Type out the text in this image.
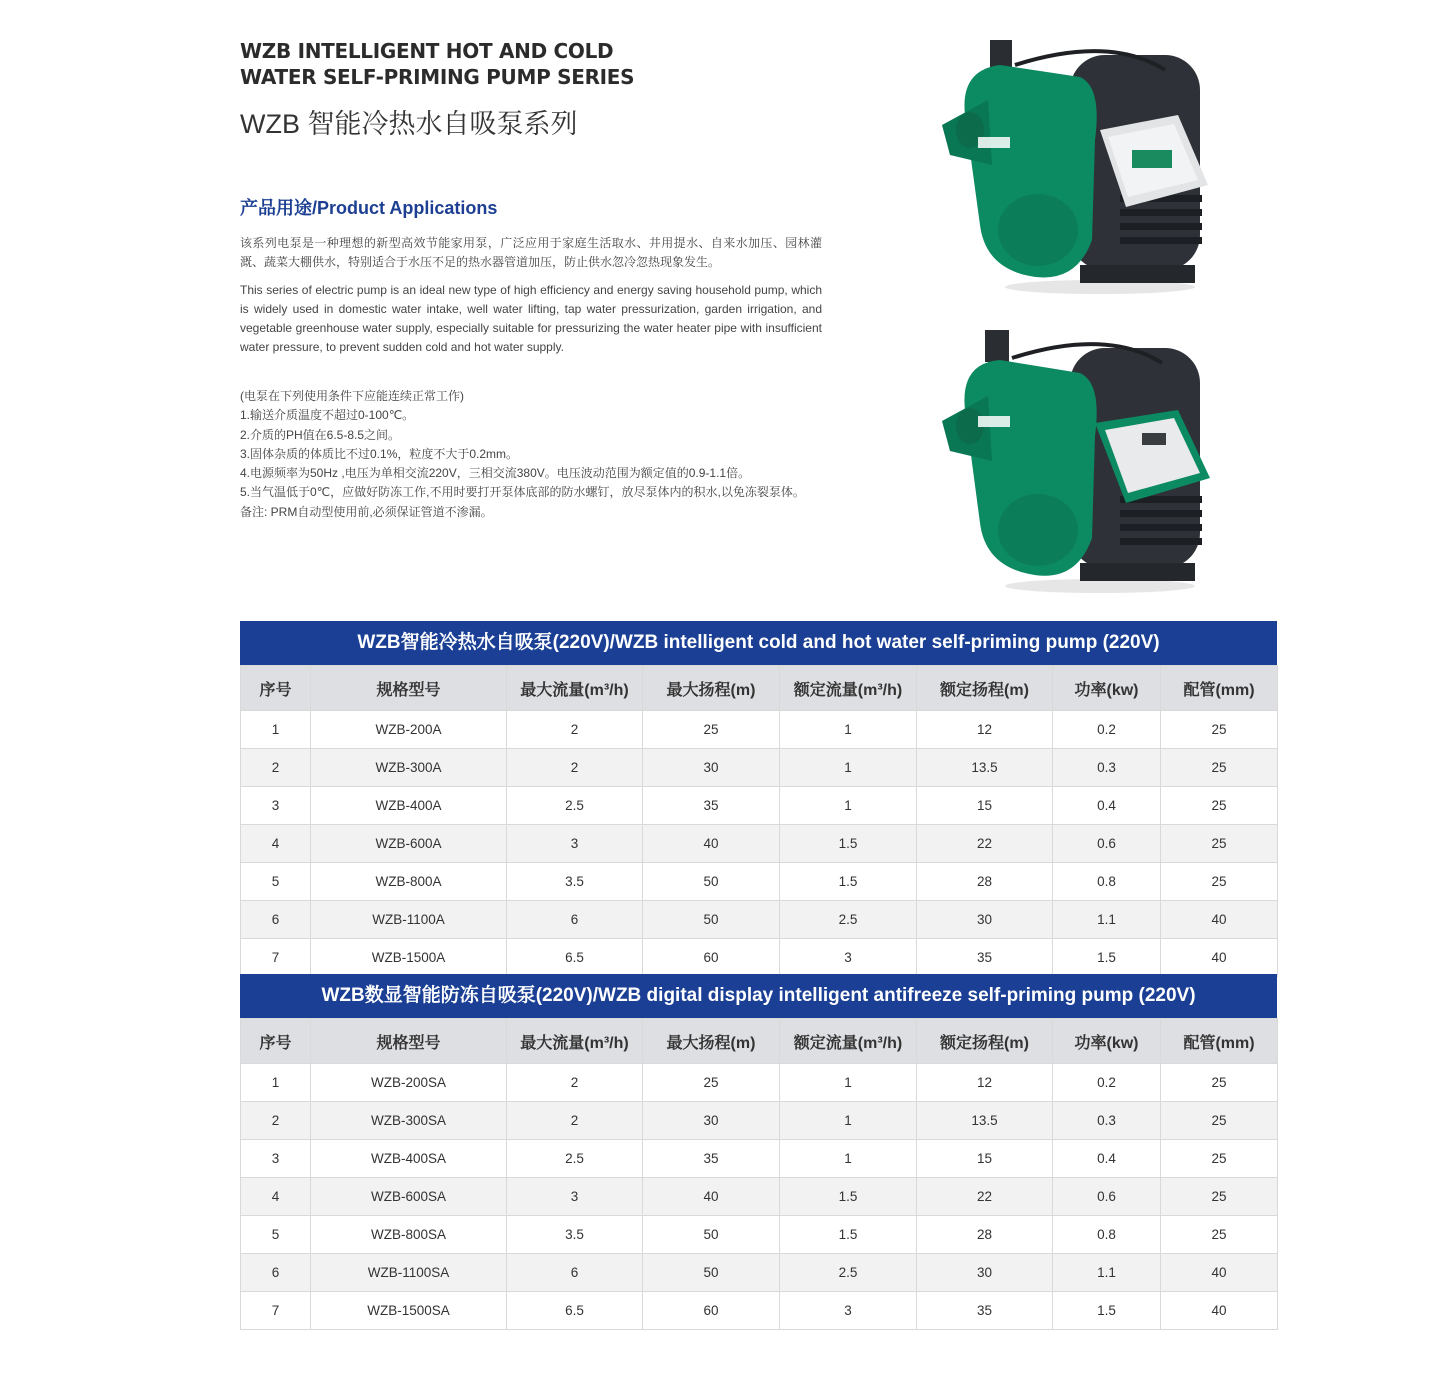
WZB INTELLIGENT HOT AND COLD
WATER SELF-PRIMING PUMP SERIES
WZB 智能冷热水自吸泵系列
产品用途/Product Applications
该系列电泵是一种理想的新型高效节能家用泵，广泛应用于家庭生活取水、井用提水、自来水加压、园林灌溉、蔬菜大棚供水，特别适合于水压不足的热水器管道加压，防止供水忽冷忽热现象发生。
This series of electric pump is an ideal new type of high efficiency and energy saving household pump, which is widely used in domestic water intake, well water lifting, tap water pressurization, garden irrigation, and vegetable greenhouse water supply, especially suitable for pressurizing the water heater pipe with insufficient water pressure, to prevent sudden cold and hot water supply.
(电泵在下列使用条件下应能连续正常工作)
1.输送介质温度不超过0-100℃。
2.介质的PH值在6.5-8.5之间。
3.固体杂质的体质比不过0.1%，粒度不大于0.2mm。
4.电源频率为50Hz ,电压为单相交流220V，三相交流380V。电压波动范围为额定值的0.9-1.1倍。
5.当气温低于0℃，应做好防冻工作,不用时要打开泵体底部的防水螺钉，放尽泵体内的积水,以免冻裂泵体。
备注: PRM自动型使用前,必须保证管道不渗漏。
WZB智能冷热水自吸泵(220V)/WZB intelligent cold and hot water self-priming pump (220V)
序号	规格型号	最大流量(m³/h)	最大扬程(m)	额定流量(m³/h)	额定扬程(m)	功率(kw)	配管(mm)
1	WZB-200A	2	25	1	12	0.2	25
2	WZB-300A	2	30	1	13.5	0.3	25
3	WZB-400A	2.5	35	1	15	0.4	25
4	WZB-600A	3	40	1.5	22	0.6	25
5	WZB-800A	3.5	50	1.5	28	0.8	25
6	WZB-1100A	6	50	2.5	30	1.1	40
7	WZB-1500A	6.5	60	3	35	1.5	40
WZB数显智能防冻自吸泵(220V)/WZB digital display intelligent antifreeze self-priming pump (220V)
序号	规格型号	最大流量(m³/h)	最大扬程(m)	额定流量(m³/h)	额定扬程(m)	功率(kw)	配管(mm)
1	WZB-200SA	2	25	1	12	0.2	25
2	WZB-300SA	2	30	1	13.5	0.3	25
3	WZB-400SA	2.5	35	1	15	0.4	25
4	WZB-600SA	3	40	1.5	22	0.6	25
5	WZB-800SA	3.5	50	1.5	28	0.8	25
6	WZB-1100SA	6	50	2.5	30	1.1	40
7	WZB-1500SA	6.5	60	3	35	1.5	40
